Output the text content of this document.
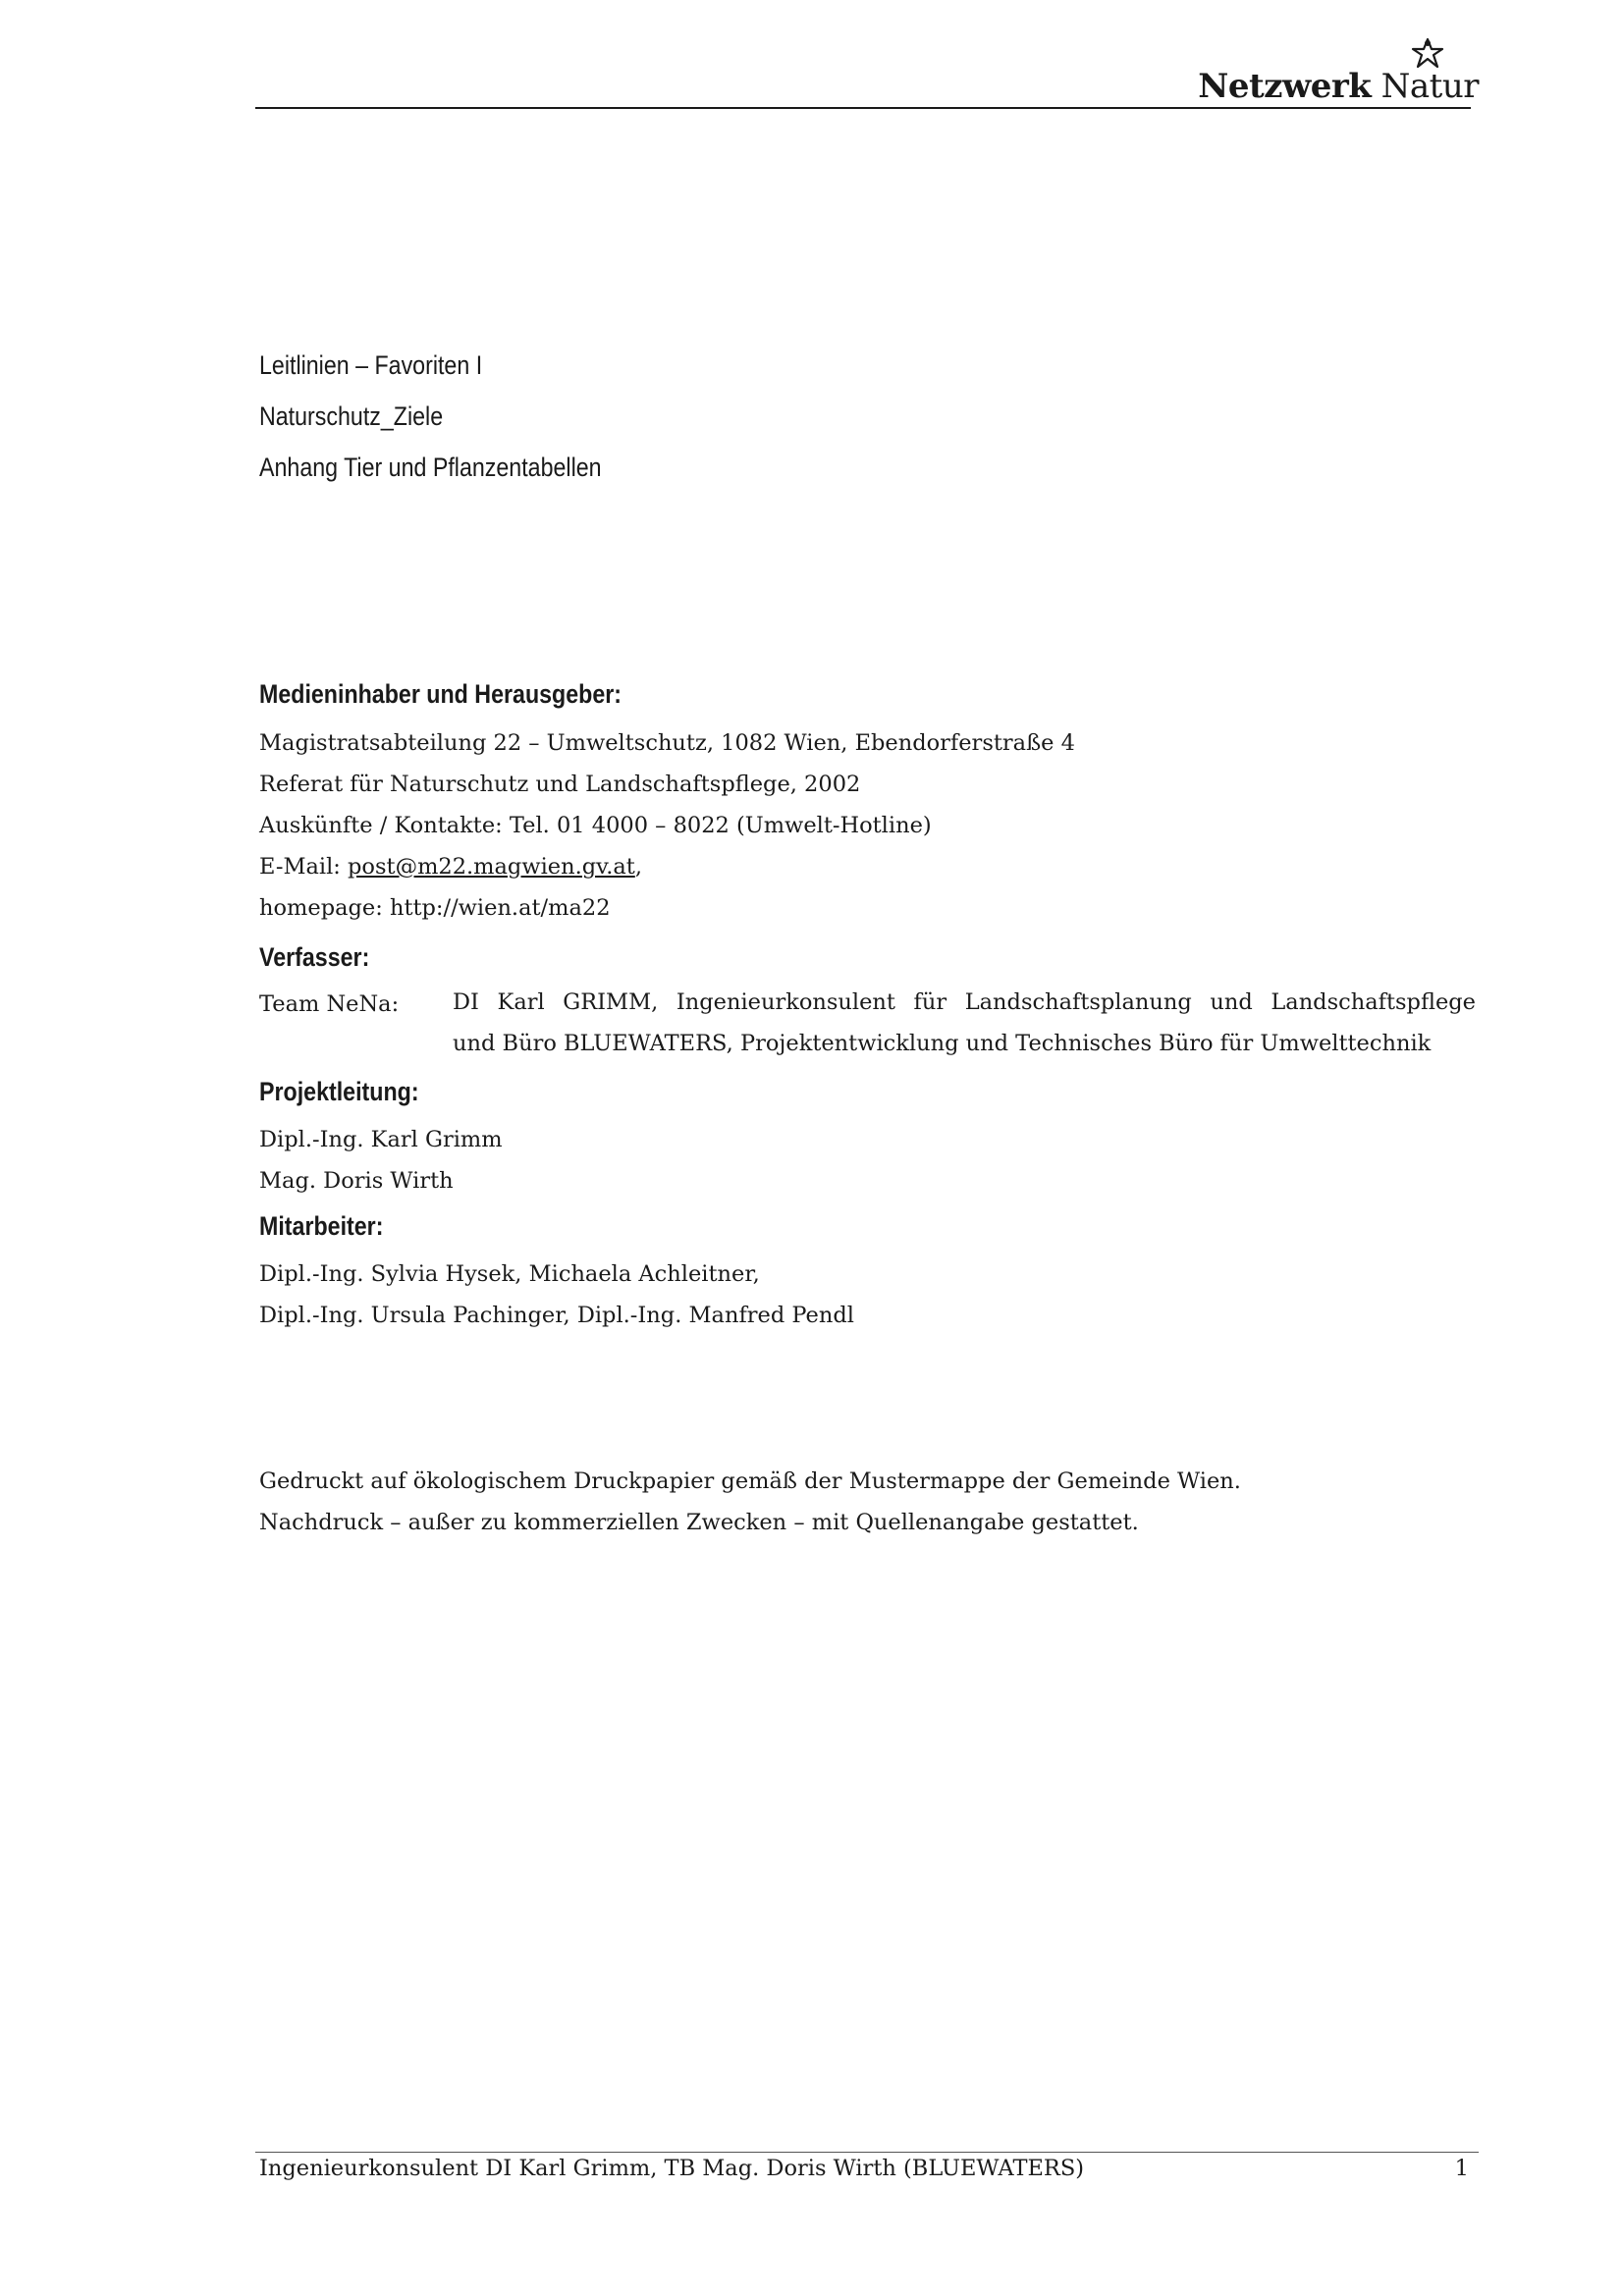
Netzwerk Natur
Leitlinien – Favoriten I
Naturschutz_Ziele
Anhang Tier und Pflanzentabellen
Medieninhaber und Herausgeber:
Magistratsabteilung 22 – Umweltschutz, 1082 Wien, Ebendorferstraße 4
Referat für Naturschutz und Landschaftspflege, 2002
Auskünfte / Kontakte: Tel. 01 4000 – 8022 (Umwelt-Hotline)
E-Mail: post@m22.magwien.gv.at,
homepage: http://wien.at/ma22
Verfasser:
Team NeNa: DI Karl GRIMM, Ingenieurkonsulent für Landschaftsplanung und Landschaftspflege
und Büro BLUEWATERS, Projektentwicklung und Technisches Büro für Umwelttechnik
Projektleitung:
Dipl.-Ing. Karl Grimm
Mag. Doris Wirth
Mitarbeiter:
Dipl.-Ing. Sylvia Hysek, Michaela Achleitner,
Dipl.-Ing. Ursula Pachinger, Dipl.-Ing. Manfred Pendl
Gedruckt auf ökologischem Druckpapier gemäß der Mustermappe der Gemeinde Wien.
Nachdruck – außer zu kommerziellen Zwecken – mit Quellenangabe gestattet.
Ingenieurkonsulent DI Karl Grimm, TB Mag. Doris Wirth (BLUEWATERS)	1
